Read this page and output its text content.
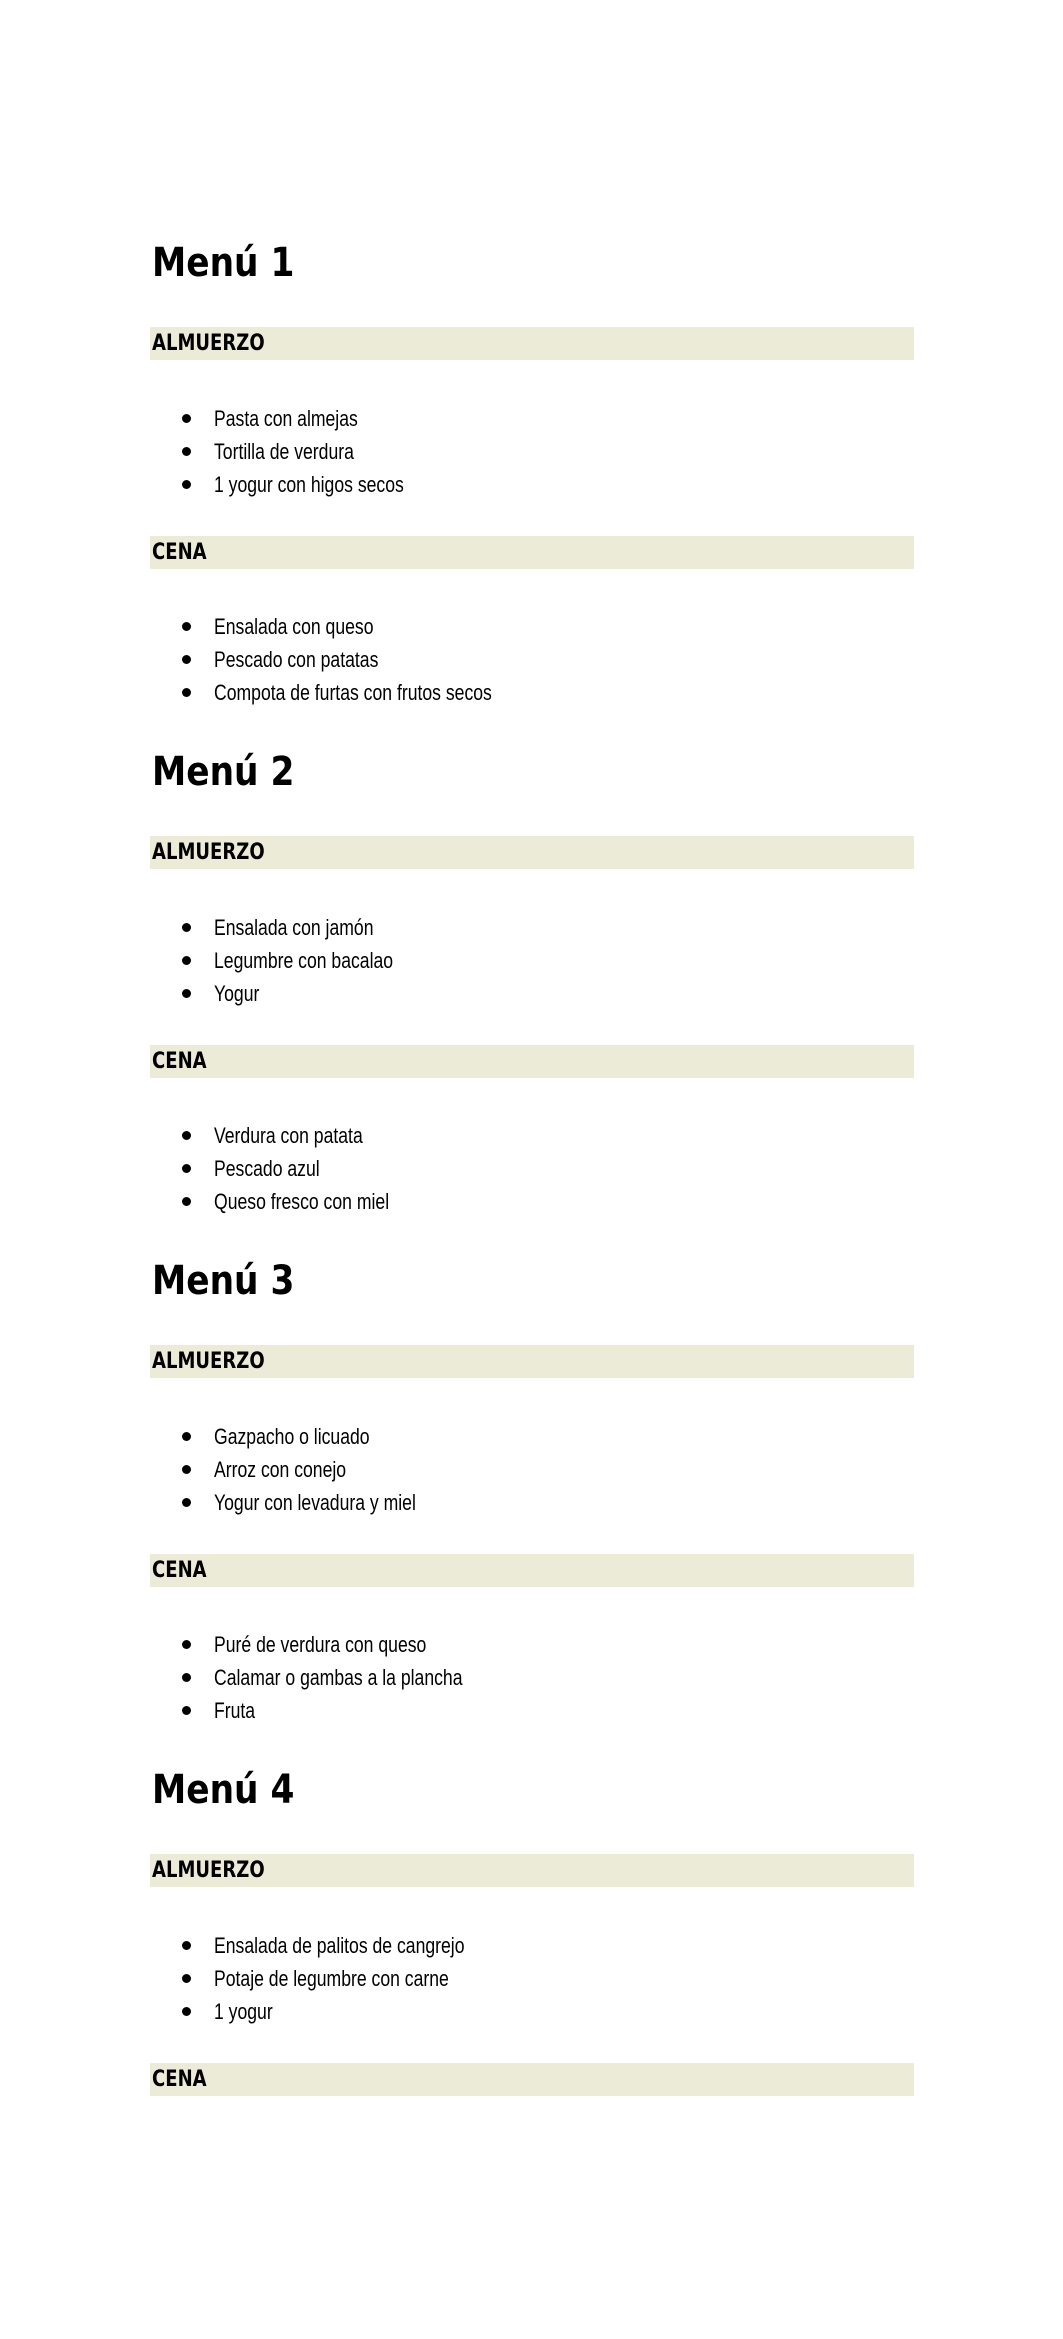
Menú 1
ALMUERZO
Pasta con almejas
Tortilla de verdura
1 yogur con higos secos
CENA
Ensalada con queso
Pescado con patatas
Compota de furtas con frutos secos
Menú 2
ALMUERZO
Ensalada con jamón
Legumbre con bacalao
Yogur
CENA
Verdura con patata
Pescado azul
Queso fresco con miel
Menú 3
ALMUERZO
Gazpacho o licuado
Arroz con conejo
Yogur con levadura y miel
CENA
Puré de verdura con queso
Calamar o gambas a la plancha
Fruta
Menú 4
ALMUERZO
Ensalada de palitos de cangrejo
Potaje de legumbre con carne
1 yogur
CENA
